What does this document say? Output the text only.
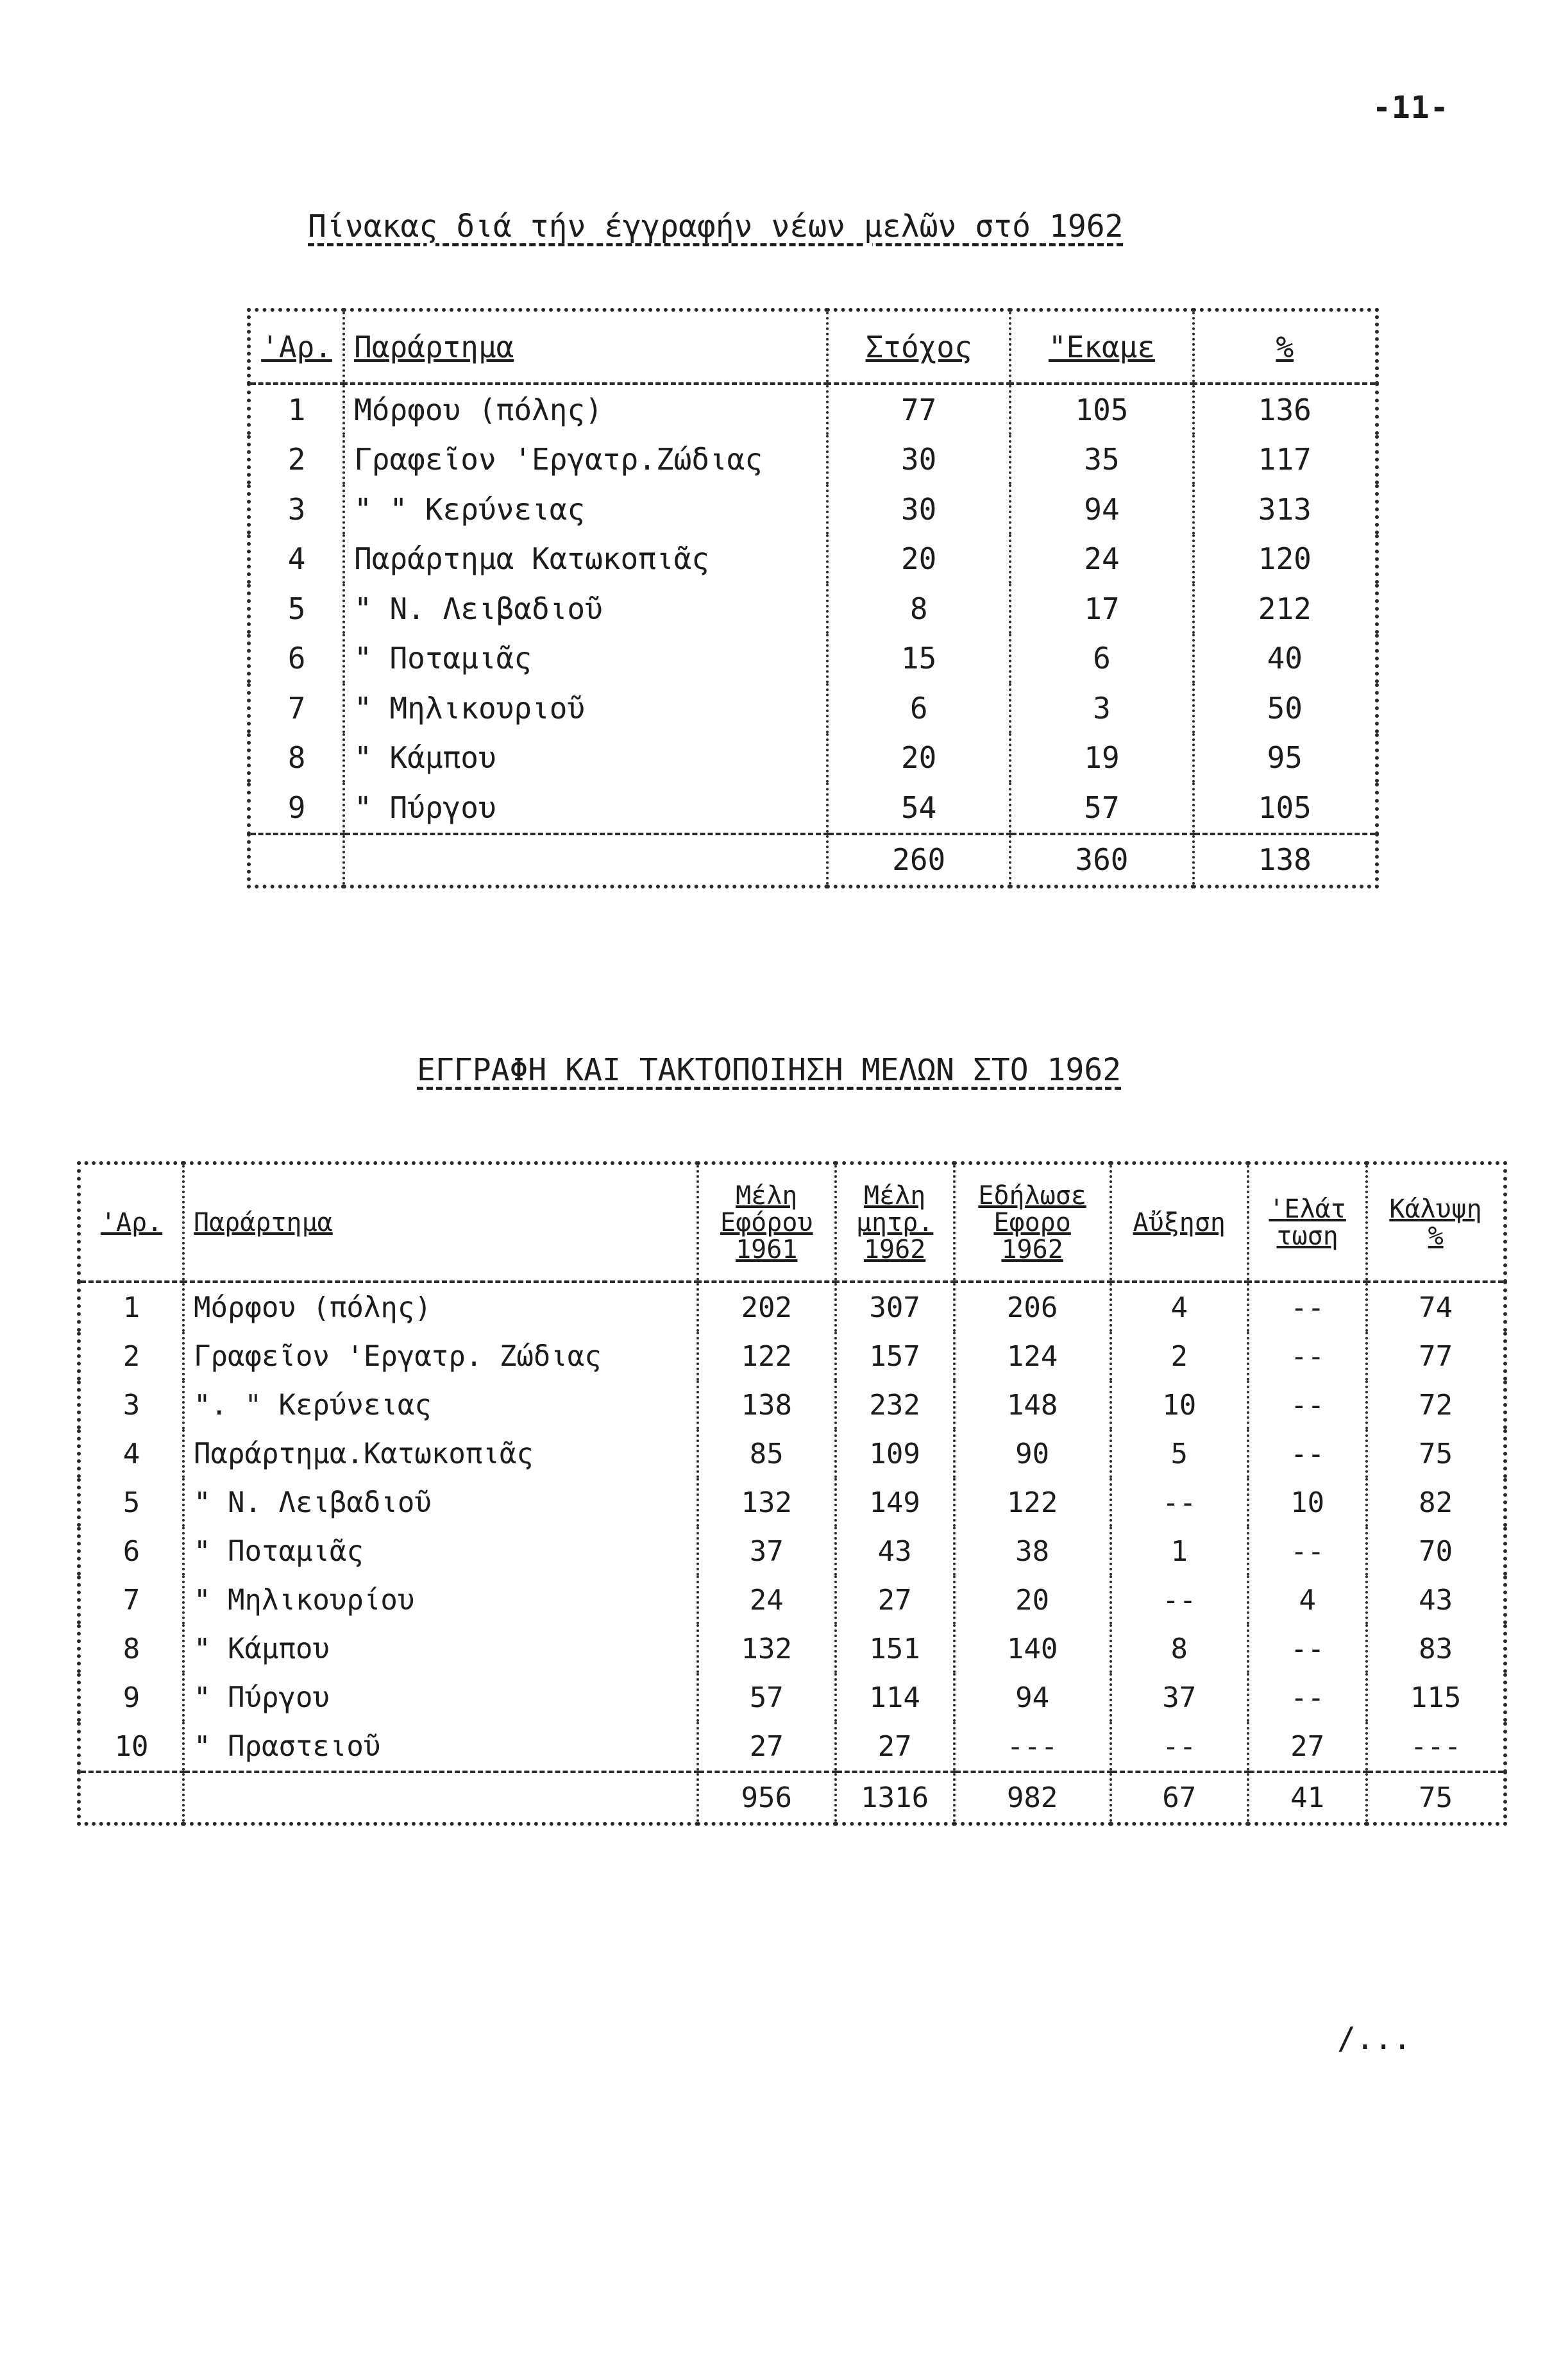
-11-
Πίνακας διά τήν έγγραφήν νέων μελῶν στό 1962
'Αρ.	Παράρτημα	Στόχος	"Εκαμε	%
1	Μόρφου (πόλης)	77	105	136
2	Γραφεῖον 'Εργατρ.Ζώδιας	30	35	117
3	" " Κερύνειας	30	94	313
4	Παράρτημα Κατωκοπιᾶς	20	24	120
5	" Ν. Λειβαδιοῦ	8	17	212
6	" Ποταμιᾶς	15	6	40
7	" Μηλικουριοῦ	6	3	50
8	" Κάμπου	20	19	95
9	" Πύργου	54	57	105
		260	360	138
ΕΓΓΡΑΦΗ ΚΑΙ ΤΑΚΤΟΠΟΙΗΣΗ ΜΕΛΩΝ ΣΤΟ 1962
'Αρ.	Παράρτημα	Μέλη
Εφόρου
1961	Μέλη
μητρ.
1962	Εδήλωσε
Εφορο
1962	Αὔξηση	'Ελάτ
τωση	Κάλυψη
%

1	Μόρφου (πόλης)	202	307	206	4	--	74
2	Γραφεῖον 'Εργατρ. Ζώδιας	122	157	124	2	--	77
3	". " Κερύνειας	138	232	148	10	--	72
4	Παράρτημα.Κατωκοπιᾶς	85	109	90	5	--	75
5	" Ν. Λειβαδιοῦ	132	149	122	--	10	82
6	" Ποταμιᾶς	37	43	38	1	--	70
7	" Μηλικουρίου	24	27	20	--	4	43
8	" Κάμπου	132	151	140	8	--	83
9	" Πύργου	57	114	94	37	--	115
10	" Πραστειοῦ	27	27	---	--	27	---
		956	1316	982	67	41	75
/...
